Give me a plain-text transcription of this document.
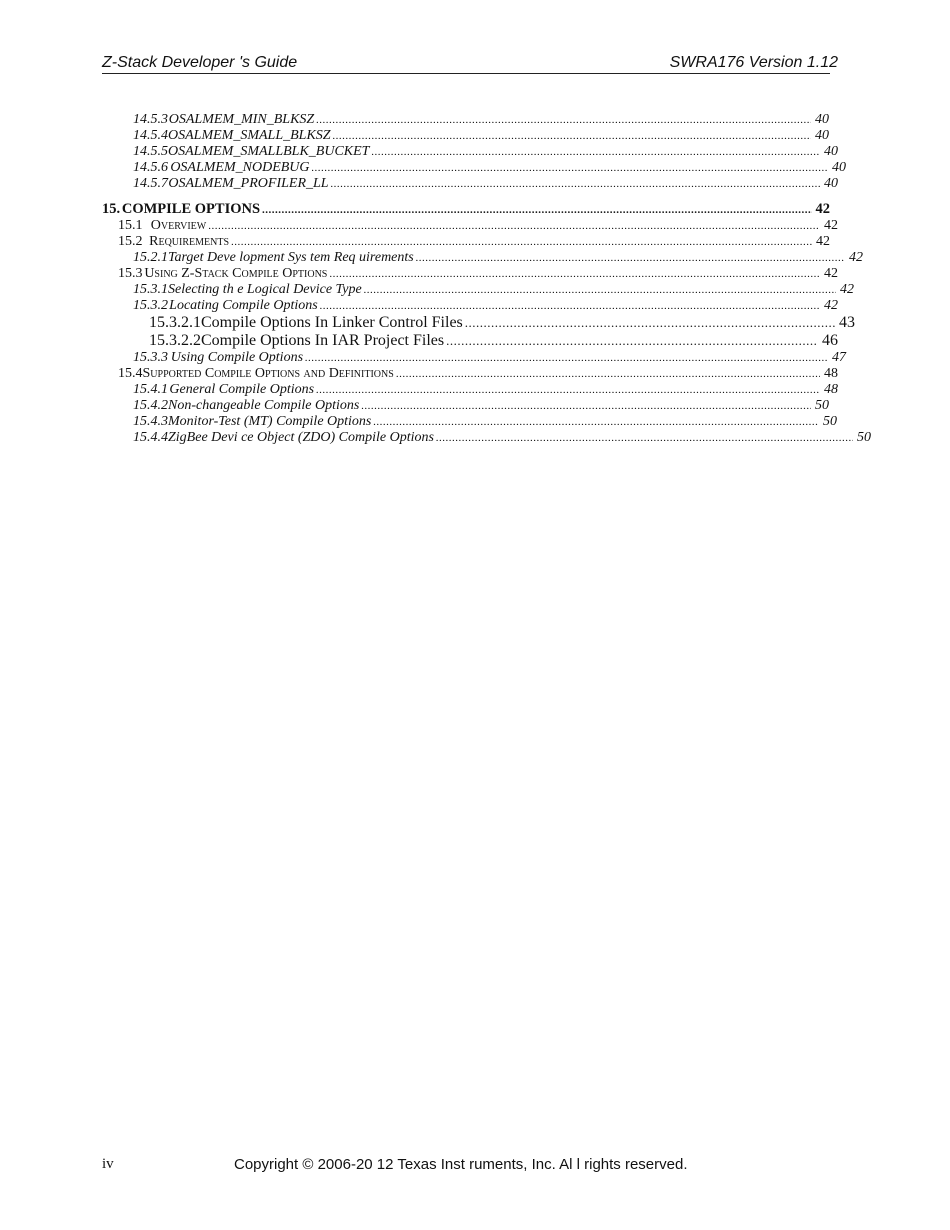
Z-Stack Developer 's Guide	SWRA176 Version 1.12
14.5.3 OSALMEM_MIN_BLKSZ .....	40
14.5.4 OSALMEM_SMALL_BLKSZ .....	40
14.5.5 OSALMEM_SMALLBLK_BUCKET .....	40
14.5.6 OSALMEM_NODEBUG .....	40
14.5.7 OSALMEM_PROFILER_LL .....	40
15. COMPILE OPTIONS .....	42
15.1 Overview .....	42
15.2 Requirements .....	42
15.2.1 Target Deve lopment Sys tem Req uirements .....	42
15.3 Using Z-Stack Compile Options .....	42
15.3.1 Selecting th e Logical Device Type .....	42
15.3.2 Locating Compile Options .....	42
15.3.2.1 Compile Options In Linker Control Files .....	43
15.3.2.2 Compile Options In IAR Project Files .....	46
15.3.3 Using Compile Options .....	47
15.4 Supported Compile Options and Definitions .....	48
15.4.1 General Compile Options .....	48
15.4.2 Non-changeable Compile Options .....	50
15.4.3 Monitor-Test (MT) Compile Options .....	50
15.4.4 ZigBee Devi ce Object (ZDO) Compile Options .....	50
iv	Copyright © 2006-20 12 Texas Inst ruments, Inc. Al l rights reserved.
